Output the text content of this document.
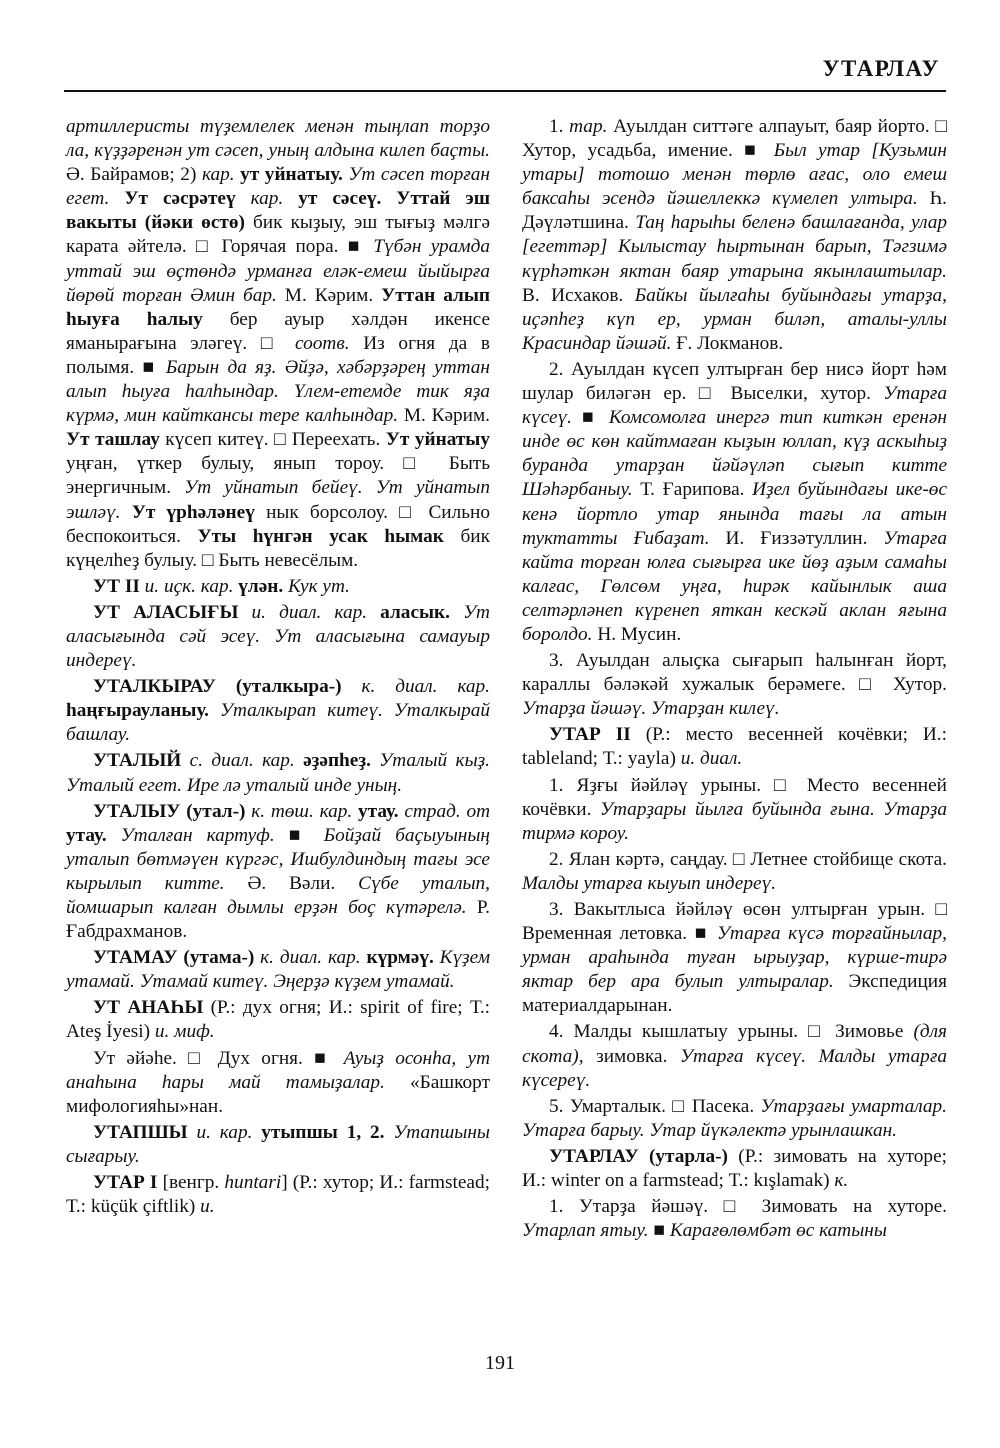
УТАРЛАУ

артиллеристы түҙемлелек менән тыңлап торҙо ла, күҙҙәренән ут сәсеп, уның алдына килеп баҫты. Ә. Байрамов; 2) кар. ут уйнатыу. Ут сәсеп торған егет. Ут сәсрәтеү кар. ут сәсеү. Уттай эш вакыты (йәки өстө) бик кыҙыу, эш тығыҙ мәлгә карата әйтелә. □ Горячая пора. ■ Түбән урамда уттай эш өҫтөндә урманға еләк-емеш йыйырға йөрөй торған Әмин бар. М. Кәрим. Уттан алып һыуға һалыу бер ауыр хәлдән икенсе яманырағына эләгеү. □ соотв. Из огня да в полымя. ■ Барын да яҙ. Әйҙә, хәбәрҙәрең уттан алып һыуға һалһындар. Үлем-етемде тик яҙа күрмә, мин кайткансы тере калһындар. М. Кәрим. Ут ташлау күсеп китеү. □ Переехать. Ут уйнатыу уңған, үткер булыу, янып тороу. □ Быть энергичным. Ут уйнатып бейеү. Ут уйнатып эшләү. Ут үрһәләнеү нык борсолоу. □ Сильно беспокоиться. Уты һүнгән усак һымак бик күңелһеҙ булыу. □ Быть невесёлым.

УТ II и. иҫк. кар. үлән. Кук ут.

УТ АЛАСЫҒЫ и. диал. кар. аласык. Ут аласығында сәй эсеү. Ут аласығына самауыр индереү.

УТАЛКЫРАУ (уталкыра-) к. диал. кар. һаңғырауланыу. Уталкырап китеү. Уталкырай башлау.

УТАЛЫЙ с. диал. кар. әҙәпһеҙ. Уталый кыҙ. Уталый егет. Ире лә уталый инде уның.

УТАЛЫУ (утал-) к. төш. кар. утау. страд. от утау. Уталған картуф. ■ Бойҙай баҫыуының уталып бөтмәүен күргәс, Ишбулдиндың тағы эсе кырылып китте. Ә. Вәли. Сүбе уталып, йомшарып калған дымлы ерҙән боҫ күтәрелә. Р. Ғабдрахманов.

УТАМАУ (утама-) к. диал. кар. күрмәү. Күҙем утамай. Утамай китеү. Эңерҙә күҙем утамай.

УТ АНАҺЫ (Р.: дух огня; И.: spirit of fire; Т.: Ateş İyesi) и. миф.

Ут әйәһе. □ Дух огня. ■ Ауыҙ осонһа, ут анаһына һары май тамыҙалар. «Башкорт мифологияһы»нан.

УТАПШЫ и. кар. утыпшы 1, 2. Утапшыны сығарыу.

УТАР I [венгр. huntari] (Р.: хутор; И.: farmstead; Т.: küçük çiftlik) и.

1. тар. Ауылдан ситтәге алпауыт, баяр йорто. □ Хутор, усадьба, имение. ■ Был утар [Кузьмин утары] тотошо менән төрлө ағас, оло емеш баксаһы эсендә йәшеллеккә күмелеп ултыра. Һ. Дәүләтшина. Таң һарыһы беленә башлағанда, улар [егеттәр] Кылыстау һыртынан барып, Тәгзимә күрһәткән яктан баяр утарына якынлаштылар. В. Исхаков. Байкы йылғаһы буйындағы утарҙа, иҫәпһеҙ күп ер, урман биләп, аталы-уллы Красиндар йәшәй. Ғ. Локманов.

2. Ауылдан күсеп ултырған бер нисә йорт һәм шулар биләгән ер. □ Выселки, хутор. Утарға күсеү. ■ Комсомолға инергә тип киткән еренән инде өс көн кайтмаған кыҙын юллап, күҙ аскыһыҙ буранда утарҙан йәйәүләп сығып китте Шәһәрбаныу. Т. Ғарипова. Иҙел буйындағы ике-өс кенә йортло утар янында тағы ла атын туктатты Ғибаҙат. И. Ғиззәтуллин. Утарға кайта торған юлға сығырға ике йөҙ аҙым самаһы калғас, Гөлсөм уңға, һирәк кайынлык аша селтәрләнеп күренеп яткан кескәй аклан яғына боролдо. Н. Мусин.

3. Ауылдан алыҫка сығарып һалынған йорт, караллы бәләкәй хужалык берәмеге. □ Хутор. Утарҙа йәшәү. Утарҙан килеү.

УТАР II (Р.: место весенней кочёвки; И.: tableland; Т.: yayla) и. диал.

1. Яҙғы йәйләү урыны. □ Место весенней кочёвки. Утарҙары йылға буйында ғына. Утарҙа тирмә короу.

2. Ялан кәртә, саңдау. □ Летнее стойбище скота. Малды утарға кыуып индереү.

3. Вакытлыса йәйләү өсөн ултырған урын. □ Временная летовка. ■ Утарға күсә торғайнылар, урман араһында туған ырыуҙар, күрше-тирә яктар бер ара булып ултыралар. Экспедиция материалдарынан.

4. Малды кышлатыу урыны. □ Зимовье (для скота), зимовка. Утарға күсеү. Малды утарға күсереү.

5. Умарталык. □ Пасека. Утарҙағы умарталар. Утарға барыу. Утар йүкәлектә урынлашкан.

УТАРЛАУ (утарла-) (Р.: зимовать на хуторе; И.: winter on a farmstead; Т.: kışlamak) к.

1. Утарҙа йәшәү. □ Зимовать на хуторе. Утарлап ятыу. ■ Карағөлөмбәт өс катыны

191
